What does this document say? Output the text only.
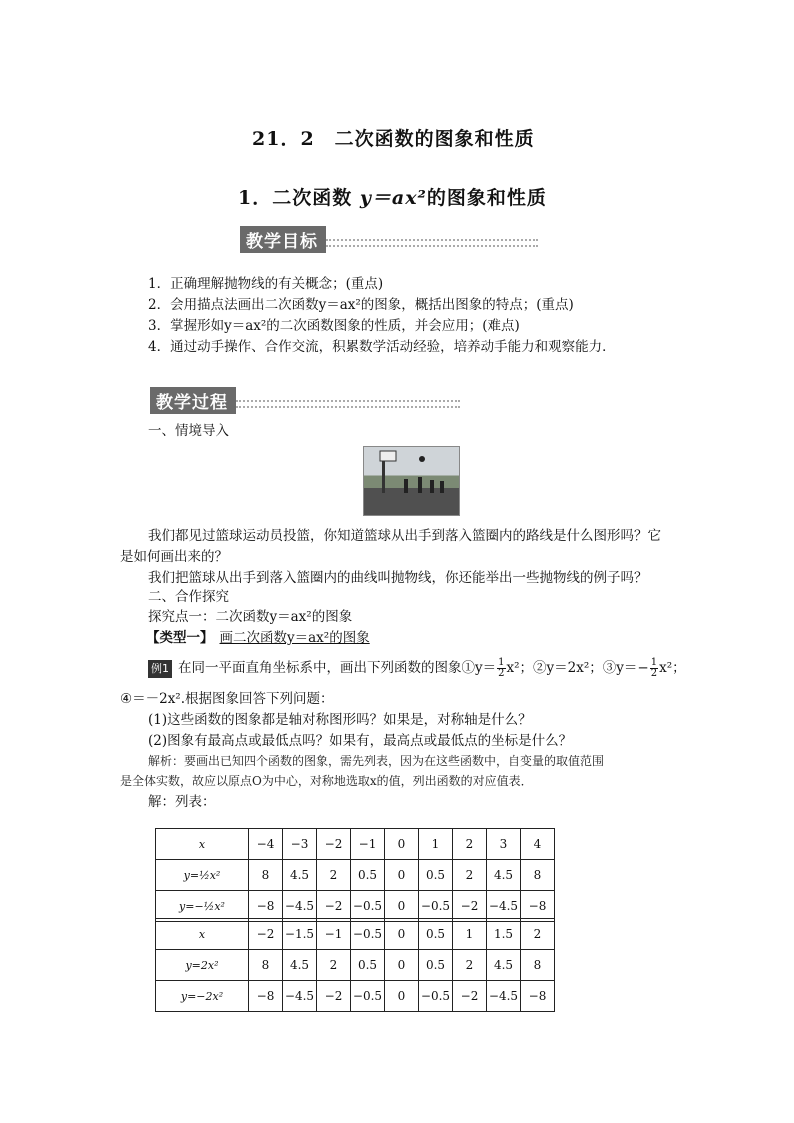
21．2　二次函数的图象和性质
1．二次函数 y＝ax²的图象和性质
教学目标
1．正确理解抛物线的有关概念；(重点)
2．会用描点法画出二次函数y＝ax²的图象，概括出图象的特点；(重点)
3．掌握形如y＝ax²的二次函数图象的性质，并会应用；(难点)
4．通过动手操作、合作交流，积累数学活动经验，培养动手能力和观察能力．
教学过程
一、情境导入
我们都见过篮球运动员投篮，你知道篮球从出手到落入篮圈内的路线是什么图形吗？它
是如何画出来的？
我们把篮球从出手到落入篮圈内的曲线叫抛物线，你还能举出一些抛物线的例子吗？
二、合作探究
探究点一：二次函数y＝ax²的图象
【类型一】 画二次函数y＝ax²的图象
例1 在同一平面直角坐标系中，画出下列函数的图象①y＝ $\frac{1}{2} x^2$；②y＝2x²；③y＝− $\frac{1}{2} x^2$；
④＝－2x².根据图象回答下列问题：
(1)这些函数的图象都是轴对称图形吗？如果是，对称轴是什么？
(2)图象有最高点或最低点吗？如果有，最高点或最低点的坐标是什么？
解析：要画出已知四个函数的图象，需先列表，因为在这些函数中，自变量的取值范围
是全体实数，故应以原点O为中心，对称地选取x的值，列出函数的对应值表．
解：列表：
x	−4	−3	−2	−1	0	1	2	3	4
y=½x²	8	4.5	2	0.5	0	0.5	2	4.5	8
y=−½x²	−8	−4.5	−2	−0.5	0	−0.5	−2	−4.5	−8
x	−2	−1.5	−1	−0.5	0	0.5	1	1.5	2
y=2x²	8	4.5	2	0.5	0	0.5	2	4.5	8
y=−2x²	−8	−4.5	−2	−0.5	0	−0.5	−2	−4.5	−8
